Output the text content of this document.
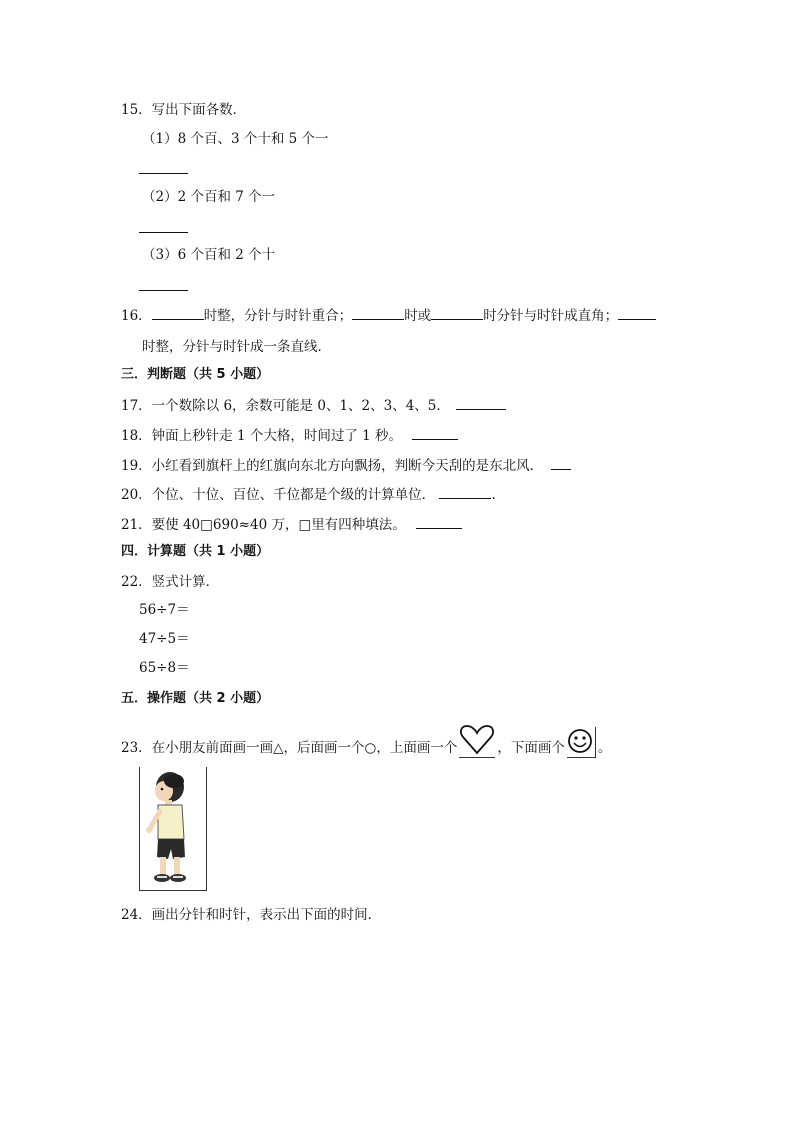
15．写出下面各数．
（1）8 个百、3 个十和 5 个一
（2）2 个百和 7 个一
（3）6 个百和 2 个十
16．	时整，分针与时针重合；	时或	时分针与时针成直角；
时整，分针与时针成一条直线．
三．判断题（共 5 小题）
17．一个数除以 6，余数可能是 0、1、2、3、4、5．
18．钟面上秒针走 1 个大格，时间过了 1 秒。
19．小红看到旗杆上的红旗向东北方向飘扬，判断今天刮的是东北风．
20．个位、十位、百位、千位都是个级的计算单位．	.
21．要使 40□690≈40 万，□里有四种填法。
四．计算题（共 1 小题）
22．竖式计算．
56÷7＝
47÷5＝
65÷8＝
五．操作题（共 2 小题）
23．在小朋友前面画一画△，后面画一个○，上面画一个	，下面画个 。
24．画出分针和时针，表示出下面的时间．
